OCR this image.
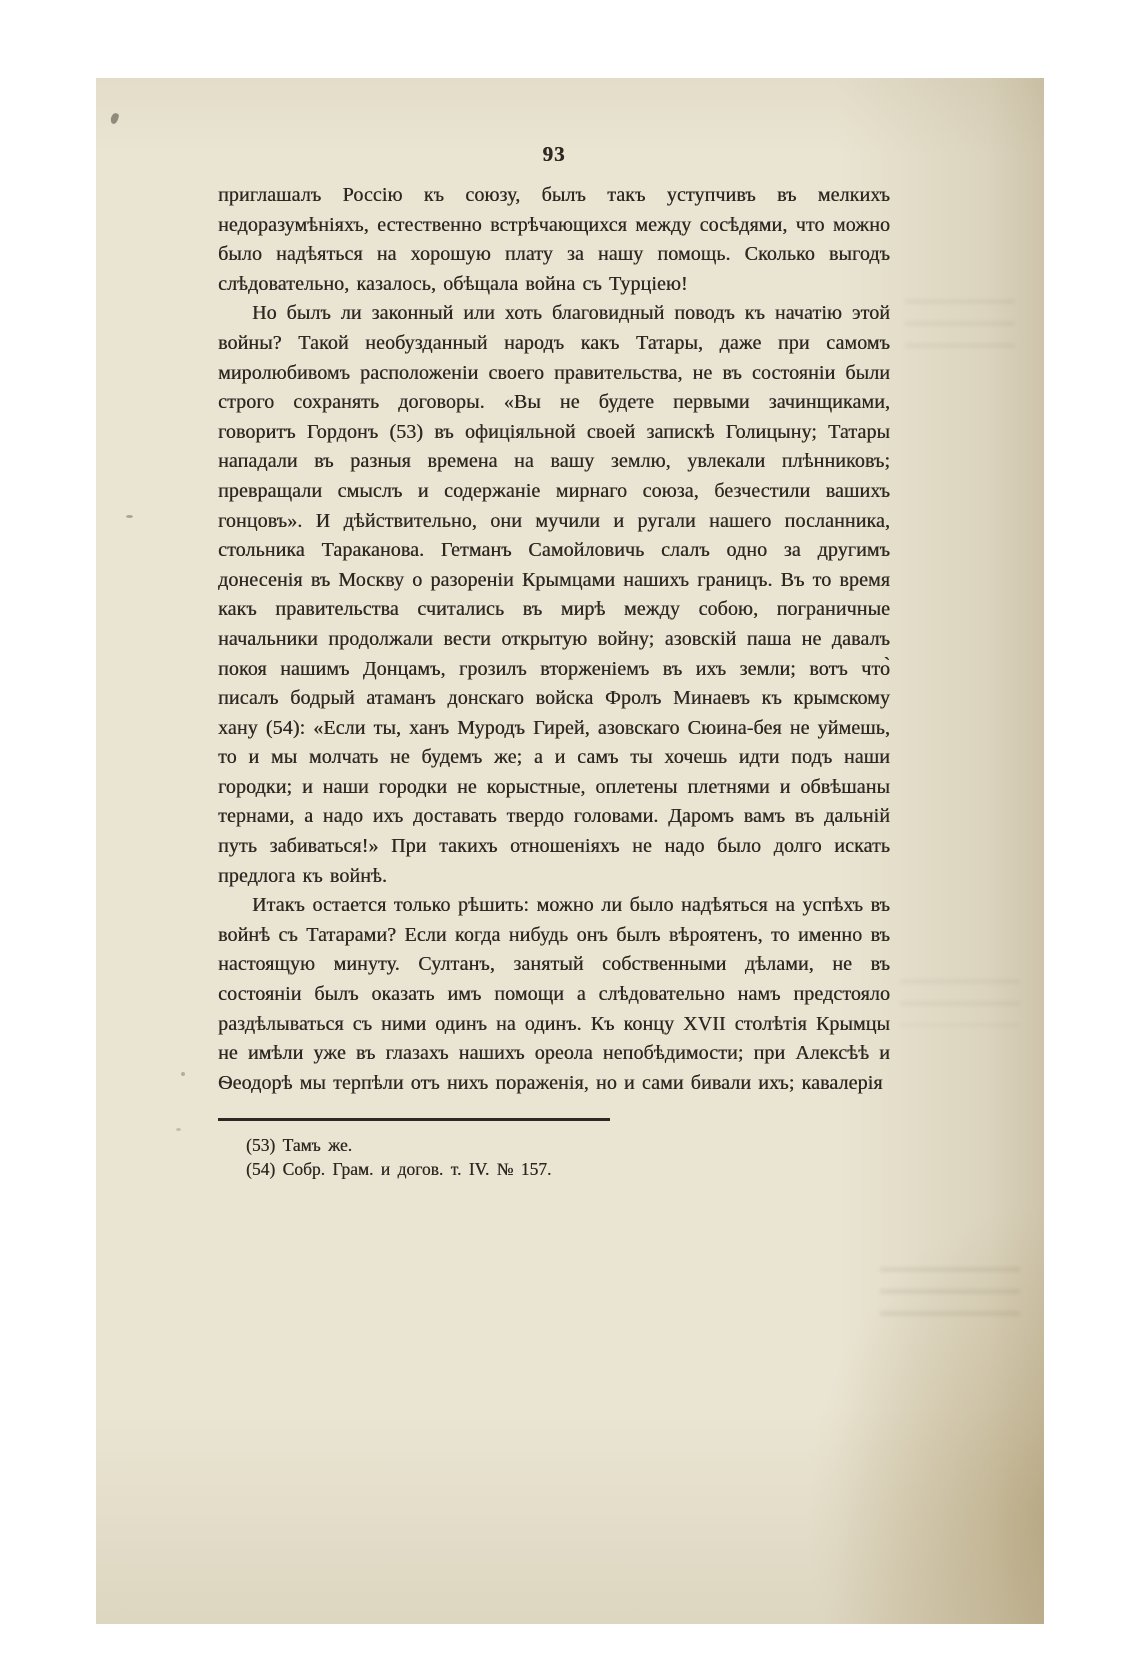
93

приглашалъ Россію къ союзу, былъ такъ уступчивъ въ мелкихъ недоразумѣніяхъ, естественно встрѣчающихся между сосѣдями, что можно было надѣяться на хорошую плату за нашу помощь. Сколько выгодъ слѣдовательно, казалось, обѣщала война съ Турціею!

Но былъ ли законный или хоть благовидный поводъ къ начатію этой войны? Такой необузданный народъ какъ Татары, даже при самомъ миролюбивомъ расположеніи своего правительства, не въ состояніи были строго сохранять договоры. «Вы не будете первыми зачинщиками, говоритъ Гордонъ (53) въ офиціяльной своей запискѣ Голицыну; Татары нападали въ разныя времена на вашу землю, увлекали плѣнниковъ; превращали смыслъ и содержаніе мирнаго союза, безчестили вашихъ гонцовъ». И дѣйствительно, они мучили и ругали нашего посланника, стольника Тараканова. Гетманъ Самойловичь слалъ одно за другимъ донесенія въ Москву о разореніи Крымцами нашихъ границъ. Въ то время какъ правительства считались въ мирѣ между собою, пограничные начальники продолжали вести открытую войну; азовскій паша не давалъ покоя нашимъ Донцамъ, грозилъ вторженіемъ въ ихъ земли; вотъ что̀ писалъ бодрый атаманъ донскаго войска Фролъ Минаевъ къ крымскому хану (54): «Если ты, ханъ Муродъ Гирей, азовскаго Сюина-бея не уймешь, то и мы молчать не будемъ же; а и самъ ты хочешь идти подъ наши городки; и наши городки не корыстные, оплетены плетнями и обвѣшаны тернами, а надо ихъ доставать твердо головами. Даромъ вамъ въ дальній путь забиваться!» При такихъ отношеніяхъ не надо было долго искать предлога къ войнѣ.

Итакъ остается только рѣшить: можно ли было надѣяться на успѣхъ въ войнѣ съ Татарами? Если когда нибудь онъ былъ вѣроятенъ, то именно въ настоящую минуту. Султанъ, занятый собственными дѣлами, не въ состояніи былъ оказать имъ помощи а слѣдовательно намъ предстояло раздѣлываться съ ними одинъ на одинъ. Къ концу XVII столѣтія Крымцы не имѣли уже въ глазахъ нашихъ ореола непобѣдимости; при Алексѣѣ и Ѳеодорѣ мы терпѣли отъ нихъ пораженія, но и сами бивали ихъ; кавалерія

(53) Тамъ же.
(54) Собр. Грам. и догов. т. IV. № 157.
